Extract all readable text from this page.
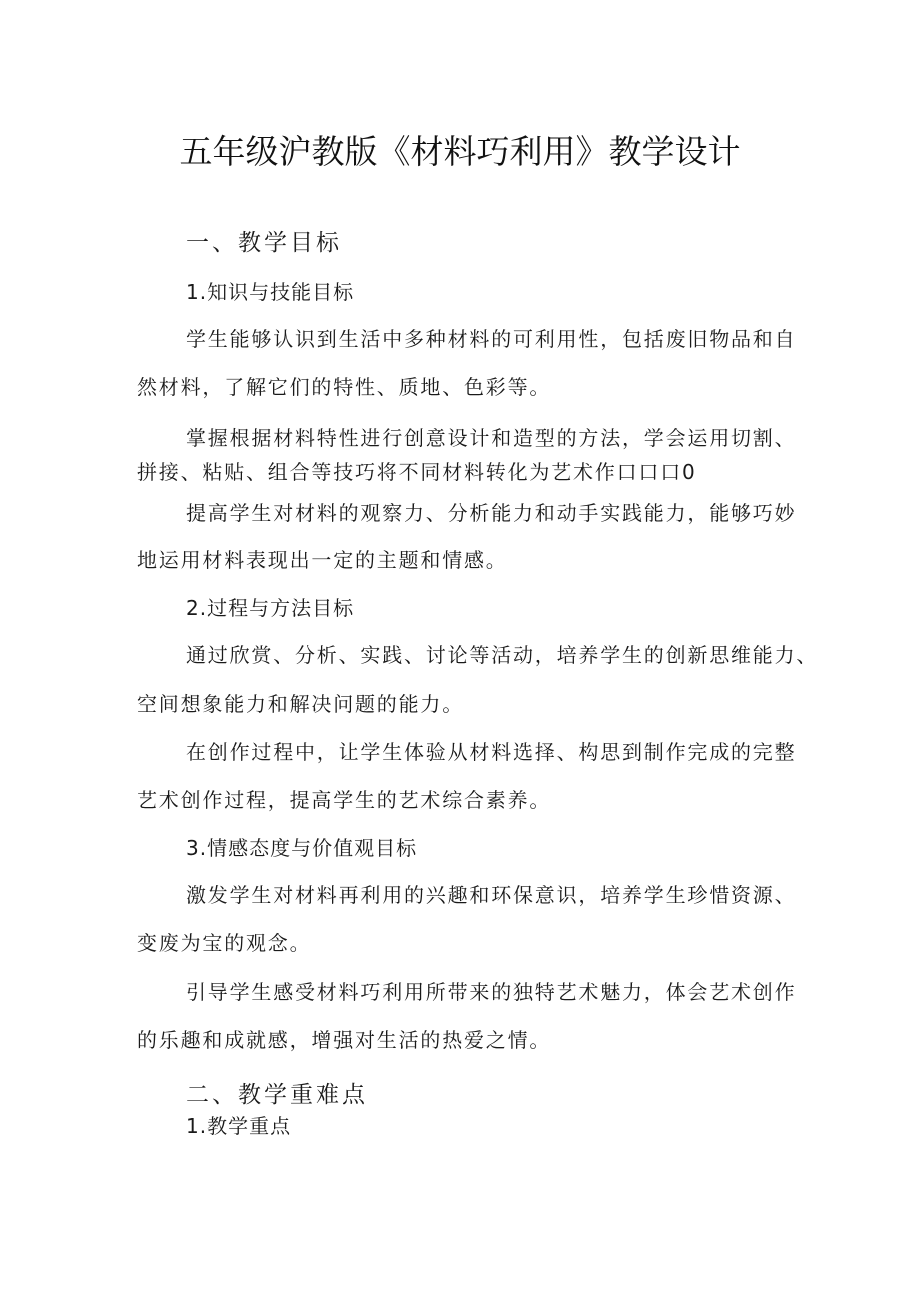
五年级沪教版《材料巧利用》教学设计
一、教学目标
1.知识与技能目标
学生能够认识到生活中多种材料的可利用性，包括废旧物品和自
然材料，了解它们的特性、质地、色彩等。
掌握根据材料特性进行创意设计和造型的方法，学会运用切割、
拼接、粘贴、组合等技巧将不同材料转化为艺术作口口口0
提高学生对材料的观察力、分析能力和动手实践能力，能够巧妙
地运用材料表现出一定的主题和情感。
2.过程与方法目标
通过欣赏、分析、实践、讨论等活动，培养学生的创新思维能力、
空间想象能力和解决问题的能力。
在创作过程中，让学生体验从材料选择、构思到制作完成的完整
艺术创作过程，提高学生的艺术综合素养。
3.情感态度与价值观目标
激发学生对材料再利用的兴趣和环保意识，培养学生珍惜资源、
变废为宝的观念。
引导学生感受材料巧利用所带来的独特艺术魅力，体会艺术创作
的乐趣和成就感，增强对生活的热爱之情。
二、教学重难点
1.教学重点
